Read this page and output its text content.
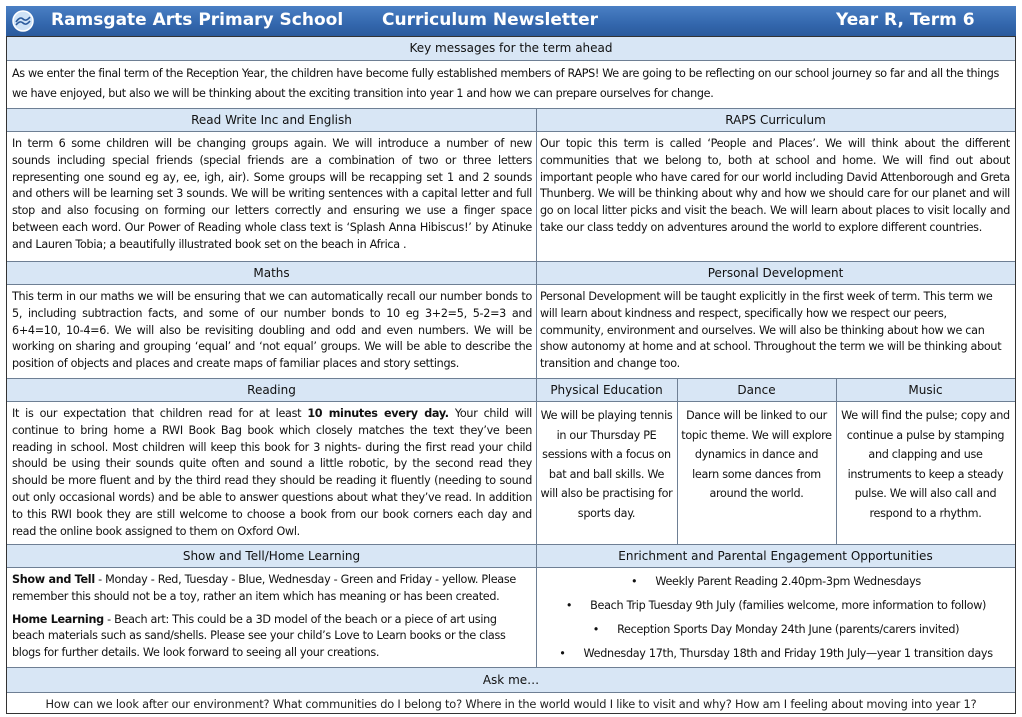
Ramsgate Arts Primary School Curriculum Newsletter	Year R, Term 6
Key messages for the term ahead
As we enter the final term of the Reception Year, the children have become fully established members of RAPS! We are going to be reflecting on our school journey so far and all the things we have enjoyed, but also we will be thinking about the exciting transition into year 1 and how we can prepare ourselves for change.
Read Write Inc and English	RAPS Curriculum
In term 6 some children will be changing groups again. We will introduce a number of new sounds including special friends (special friends are a combination of two or three letters representing one sound eg ay, ee, igh, air). Some groups will be recapping set 1 and 2 sounds and others will be learning set 3 sounds. We will be writing sentences with a capital letter and full stop and also focusing on forming our letters correctly and ensuring we use a finger space between each word. Our Power of Reading whole class text is ‘Splash Anna Hibiscus!’ by Atinuke and Lauren Tobia; a beautifully illustrated book set on the beach in Africa .
Our topic this term is called ‘People and Places’. We will think about the different communities that we belong to, both at school and home. We will find out about important people who have cared for our world including David Attenborough and Greta Thunberg. We will be thinking about why and how we should care for our planet and will go on local litter picks and visit the beach. We will learn about places to visit locally and take our class teddy on adventures around the world to explore different countries.
Maths	Personal Development
This term in our maths we will be ensuring that we can automatically recall our number bonds to 5, including subtraction facts, and some of our number bonds to 10 eg 3+2=5, 5-2=3 and 6+4=10, 10-4=6. We will also be revisiting doubling and odd and even numbers. We will be working on sharing and grouping ‘equal’ and ‘not equal’ groups. We will be able to describe the position of objects and places and create maps of familiar places and story settings.
Personal Development will be taught explicitly in the first week of term. This term we will learn about kindness and respect, specifically how we respect our peers, community, environment and ourselves. We will also be thinking about how we can show autonomy at home and at school. Throughout the term we will be thinking about transition and change too.
Reading	Physical Education	Dance	Music
It is our expectation that children read for at least 10 minutes every day. Your child will continue to bring home a RWI Book Bag book which closely matches the text they’ve been reading in school. Most children will keep this book for 3 nights- during the first read your child should be using their sounds quite often and sound a little robotic, by the second read they should be more fluent and by the third read they should be reading it fluently (needing to sound out only occasional words) and be able to answer questions about what they’ve read. In addition to this RWI book they are still welcome to choose a book from our book corners each day and read the online book assigned to them on Oxford Owl.
We will be playing tennis in our Thursday PE sessions with a focus on bat and ball skills. We will also be practising for sports day.
Dance will be linked to our topic theme. We will explore dynamics in dance and learn some dances from around the world.
We will find the pulse; copy and continue a pulse by stamping and clapping and use instruments to keep a steady pulse. We will also call and respond to a rhythm.
Show and Tell/Home Learning	Enrichment and Parental Engagement Opportunities
Show and Tell - Monday - Red, Tuesday - Blue, Wednesday - Green and Friday - yellow. Please remember this should not be a toy, rather an item which has meaning or has been created.
Home Learning - Beach art: This could be a 3D model of the beach or a piece of art using beach materials such as sand/shells. Please see your child’s Love to Learn books or the class blogs for further details. We look forward to seeing all your creations.
• Weekly Parent Reading 2.40pm-3pm Wednesdays
• Beach Trip Tuesday 9th July (families welcome, more information to follow)
• Reception Sports Day Monday 24th June (parents/carers invited)
• Wednesday 17th, Thursday 18th and Friday 19th July—year 1 transition days
Ask me…
How can we look after our environment? What communities do I belong to? Where in the world would I like to visit and why? How am I feeling about moving into year 1?
